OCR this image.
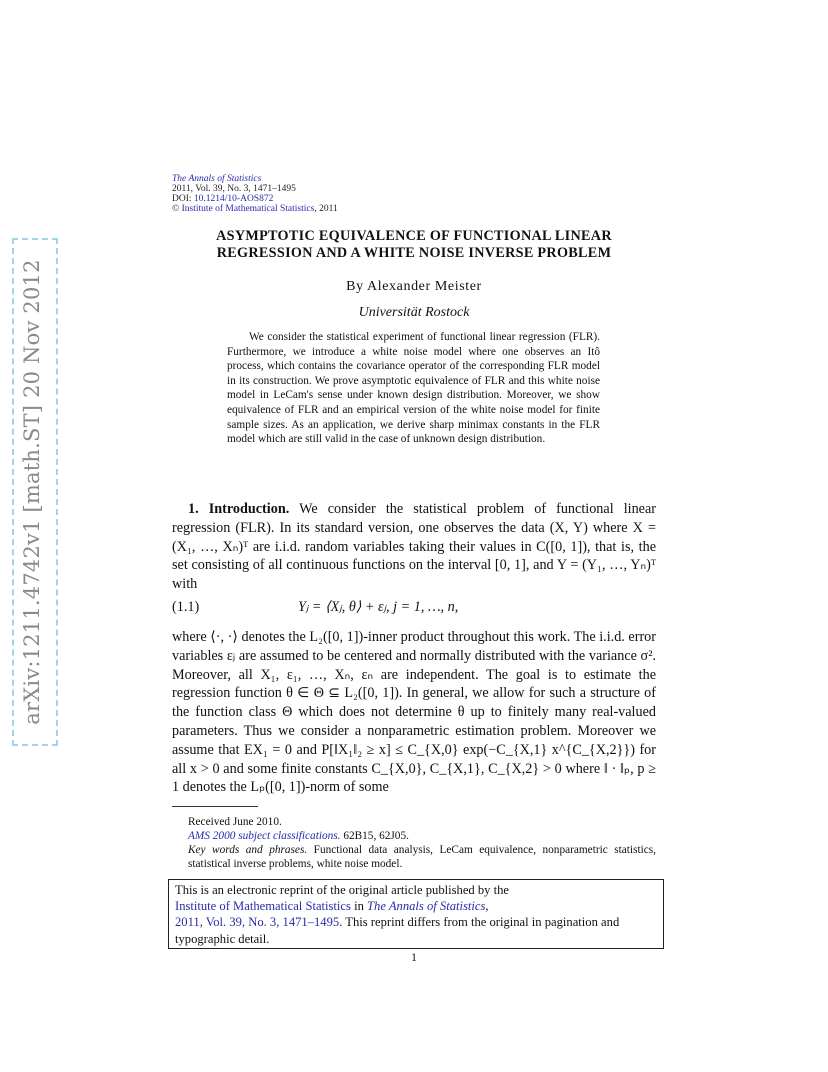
arXiv:1211.4742v1 [math.ST] 20 Nov 2012
The Annals of Statistics
2011, Vol. 39, No. 3, 1471–1495
DOI: 10.1214/10-AOS872
© Institute of Mathematical Statistics, 2011
ASYMPTOTIC EQUIVALENCE OF FUNCTIONAL LINEAR
REGRESSION AND A WHITE NOISE INVERSE PROBLEM
By Alexander Meister
Universität Rostock
We consider the statistical experiment of functional linear regression (FLR). Furthermore, we introduce a white noise model where one observes an Itô process, which contains the covariance operator of the corresponding FLR model in its construction. We prove asymptotic equivalence of FLR and this white noise model in LeCam's sense under known design distribution. Moreover, we show equivalence of FLR and an empirical version of the white noise model for finite sample sizes. As an application, we derive sharp minimax constants in the FLR model which are still valid in the case of unknown design distribution.
1. Introduction. We consider the statistical problem of functional linear regression (FLR). In its standard version, one observes the data (X, Y) where X = (X₁, …, Xₙ)ᵀ are i.i.d. random variables taking their values in C([0, 1]), that is, the set consisting of all continuous functions on the interval [0, 1], and Y = (Y₁, …, Yₙ)ᵀ with
(1.1)	Yⱼ = ⟨Xⱼ, θ⟩ + εⱼ, j = 1, …, n,
where ⟨·, ·⟩ denotes the L₂([0, 1])-inner product throughout this work. The i.i.d. error variables εⱼ are assumed to be centered and normally distributed with the variance σ². Moreover, all X₁, ε₁, …, Xₙ, εₙ are independent. The goal is to estimate the regression function θ ∈ Θ ⊆ L₂([0, 1]). In general, we allow for such a structure of the function class Θ which does not determine θ up to finitely many real-valued parameters. Thus we consider a nonparametric estimation problem. Moreover we assume that EX₁ = 0 and P[‖X₁‖₂ ≥ x] ≤ C_{X,0} exp(−C_{X,1} x^{C_{X,2}}) for all x > 0 and some finite constants C_{X,0}, C_{X,1}, C_{X,2} > 0 where ‖ · ‖ₚ, p ≥ 1 denotes the Lₚ([0, 1])-norm of some
Received June 2010.
AMS 2000 subject classifications. 62B15, 62J05.
Key words and phrases. Functional data analysis, LeCam equivalence, nonparametric statistics, statistical inverse problems, white noise model.
This is an electronic reprint of the original article published by the
Institute of Mathematical Statistics in The Annals of Statistics,
2011, Vol. 39, No. 3, 1471–1495. This reprint differs from the original in pagination and typographic detail.
1
